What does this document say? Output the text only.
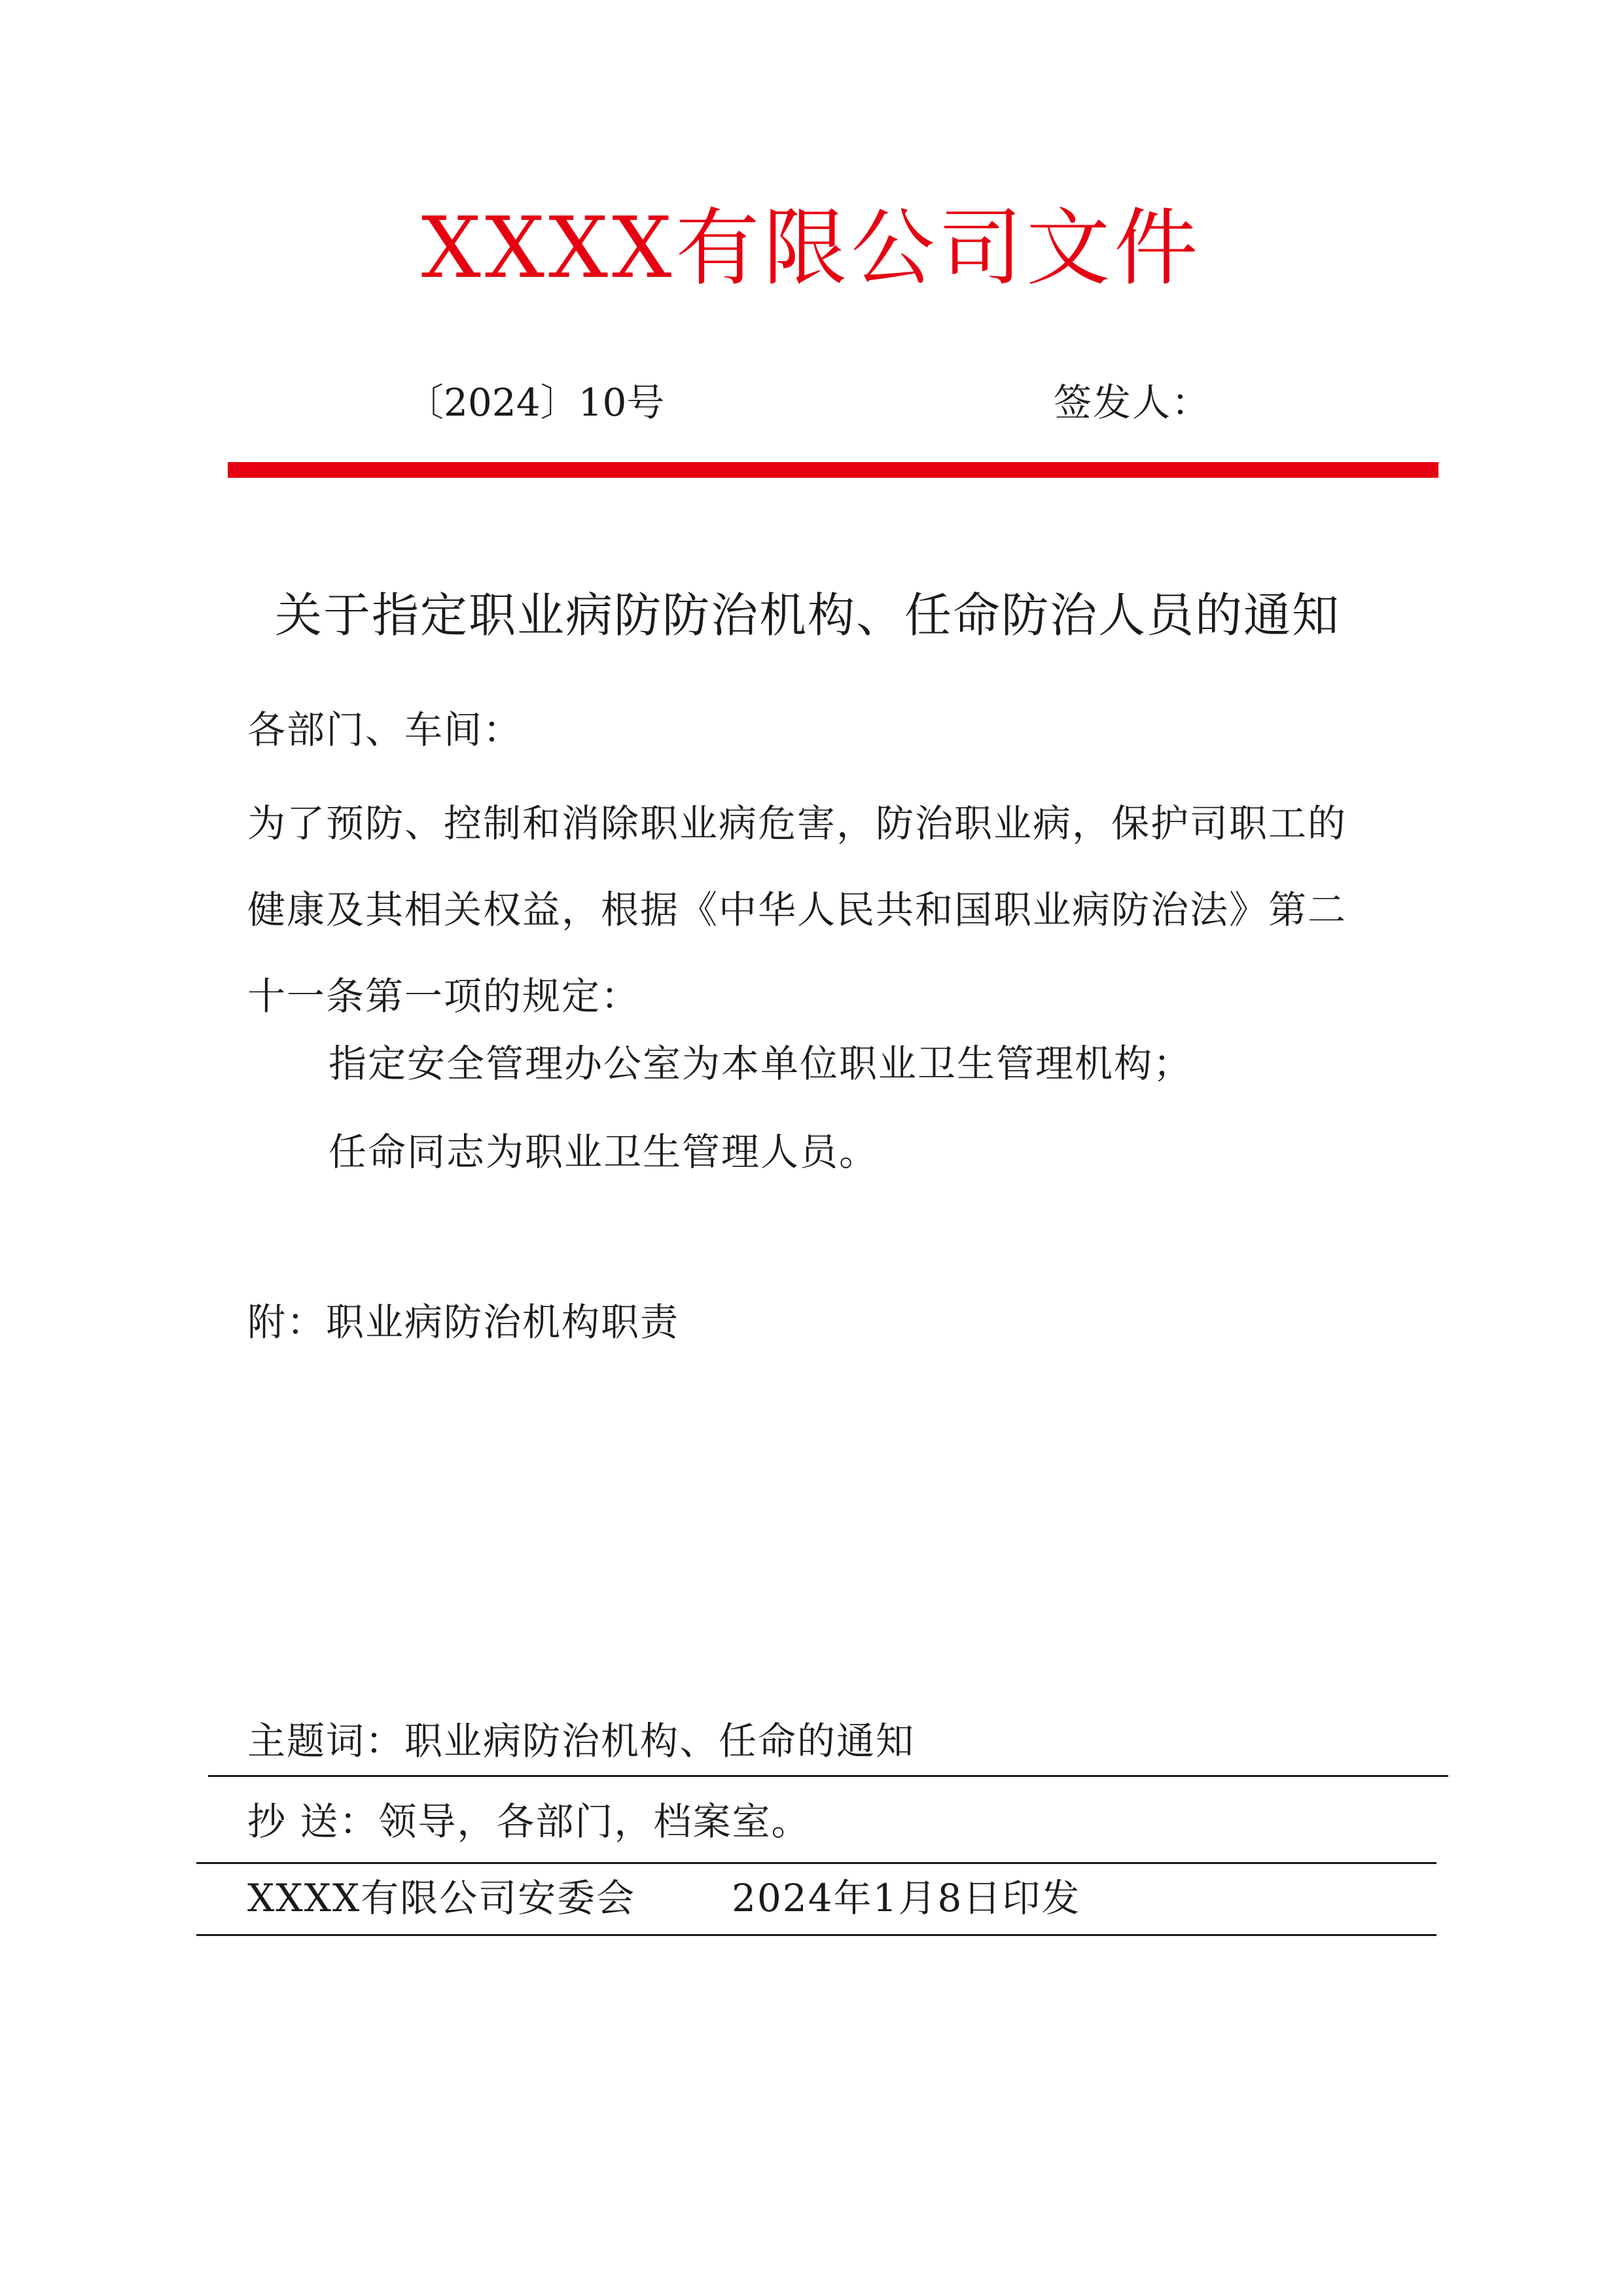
XXXX有限公司文件
〔2024〕10号	签发人：
关于指定职业病防防治机构、任命防治人员的通知
各部门、车间：
为了预防、控制和消除职业病危害，防治职业病，保护司职工的
健康及其相关权益，根据《中华人民共和国职业病防治法》第二
十一条第一项的规定：
指定安全管理办公室为本单位职业卫生管理机构；
任命同志为职业卫生管理人员。
附：职业病防治机构职责
主题词：职业病防治机构、任命的通知
抄 送：领导，各部门，档案室。
XXXX有限公司安委会	2024年1月8日印发
